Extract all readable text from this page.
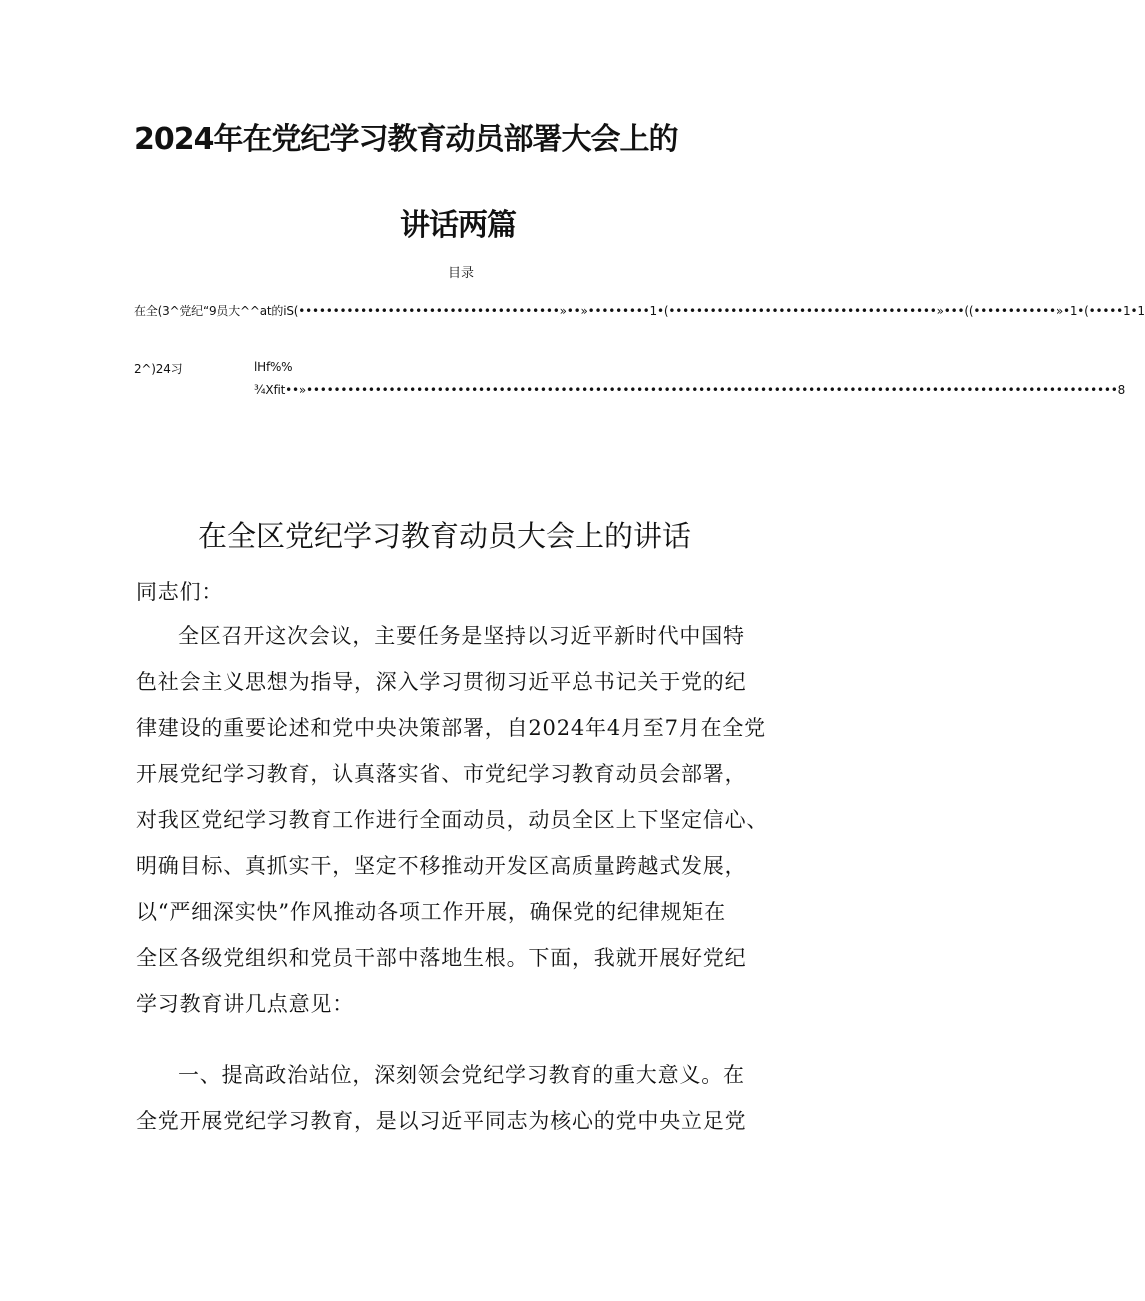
2024年在党纪学习教育动员部署大会上的
讲话两篇
目录
在全(3^党纪“9员大^^at的iS(••••••••••••••••••••••••••••••••••••••»••»•••••••••1•(•••••••••••••••••••••••••••••••••••••••»•••((••••••••••••»•1•(•••••1•1
2^)24习	lHf%%
¾Xfit••»••••••••••••••••••••••••••••••••••••••••••••••••••••••••••••••••••••••••••••••••••••••••••••••••••••••••••••••••••••••8
在全区党纪学习教育动员大会上的讲话
同志们：

全区召开这次会议，主要任务是坚持以习近平新时代中国特

色社会主义思想为指导，深入学习贯彻习近平总书记关于党的纪

律建设的重要论述和党中央决策部署，自2024年4月至7月在全党

开展党纪学习教育，认真落实省、市党纪学习教育动员会部署，

对我区党纪学习教育工作进行全面动员，动员全区上下坚定信心、

明确目标、真抓实干，坚定不移推动开发区高质量跨越式发展，

以“严细深实快”作风推动各项工作开展，确保党的纪律规矩在

全区各级党组织和党员干部中落地生根。下面，我就开展好党纪

学习教育讲几点意见：

一、提高政治站位，深刻领会党纪学习教育的重大意义。在

全党开展党纪学习教育，是以习近平同志为核心的党中央立足党
